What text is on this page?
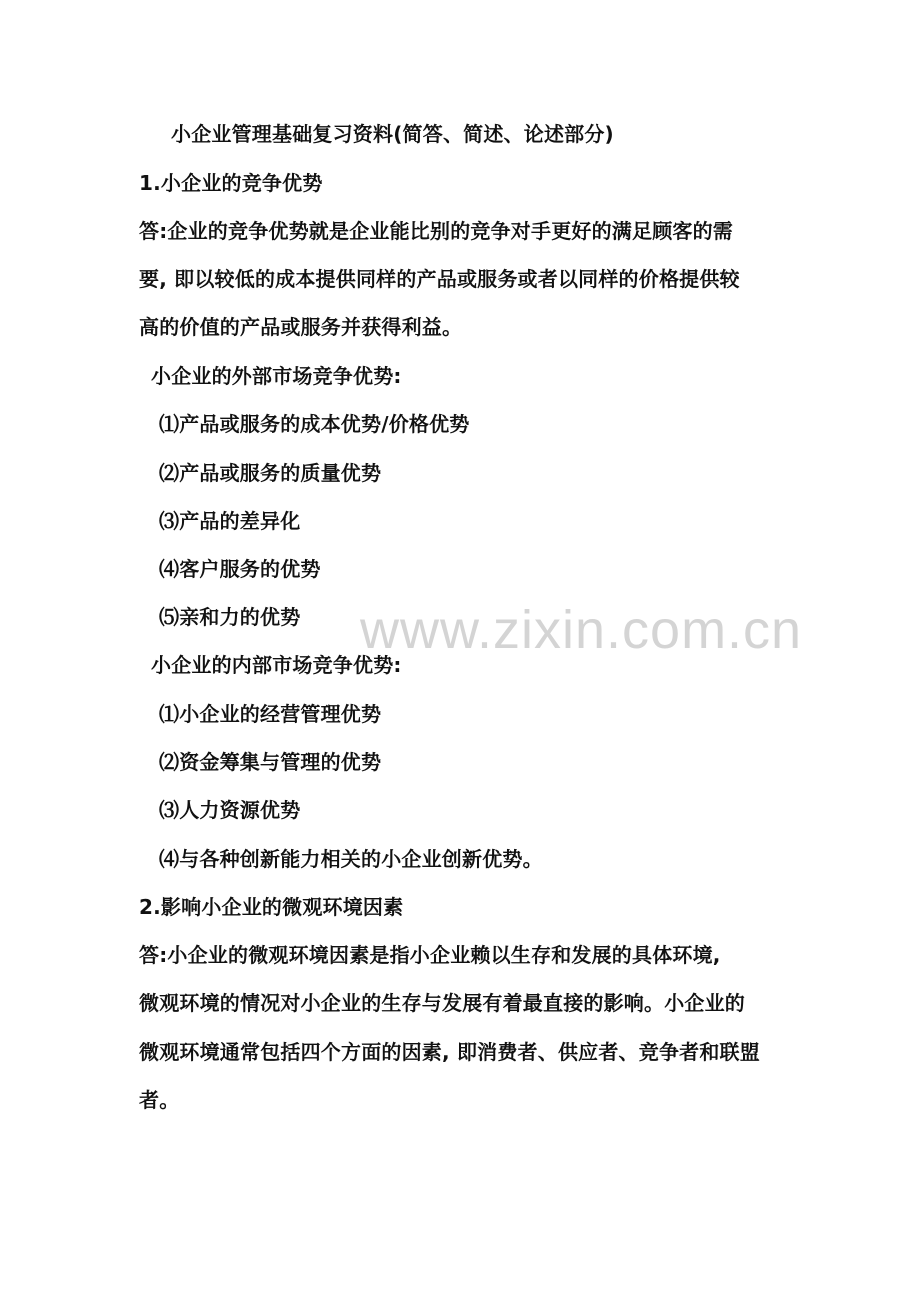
www.zixin.com.cn
小企业管理基础复习资料(简答、简述、论述部分)
1.小企业的竞争优势
答:企业的竞争优势就是企业能比别的竞争对手更好的满足顾客的需
要, 即以较低的成本提供同样的产品或服务或者以同样的价格提供较
高的价值的产品或服务并获得利益。
小企业的外部市场竞争优势:
⑴产品或服务的成本优势/价格优势
⑵产品或服务的质量优势
⑶产品的差异化
⑷客户服务的优势
⑸亲和力的优势
小企业的内部市场竞争优势:
⑴小企业的经营管理优势
⑵资金筹集与管理的优势
⑶人力资源优势
⑷与各种创新能力相关的小企业创新优势。
2.影响小企业的微观环境因素
答:小企业的微观环境因素是指小企业赖以生存和发展的具体环境,
微观环境的情况对小企业的生存与发展有着最直接的影响。小企业的
微观环境通常包括四个方面的因素, 即消费者、供应者、竞争者和联盟
者。
